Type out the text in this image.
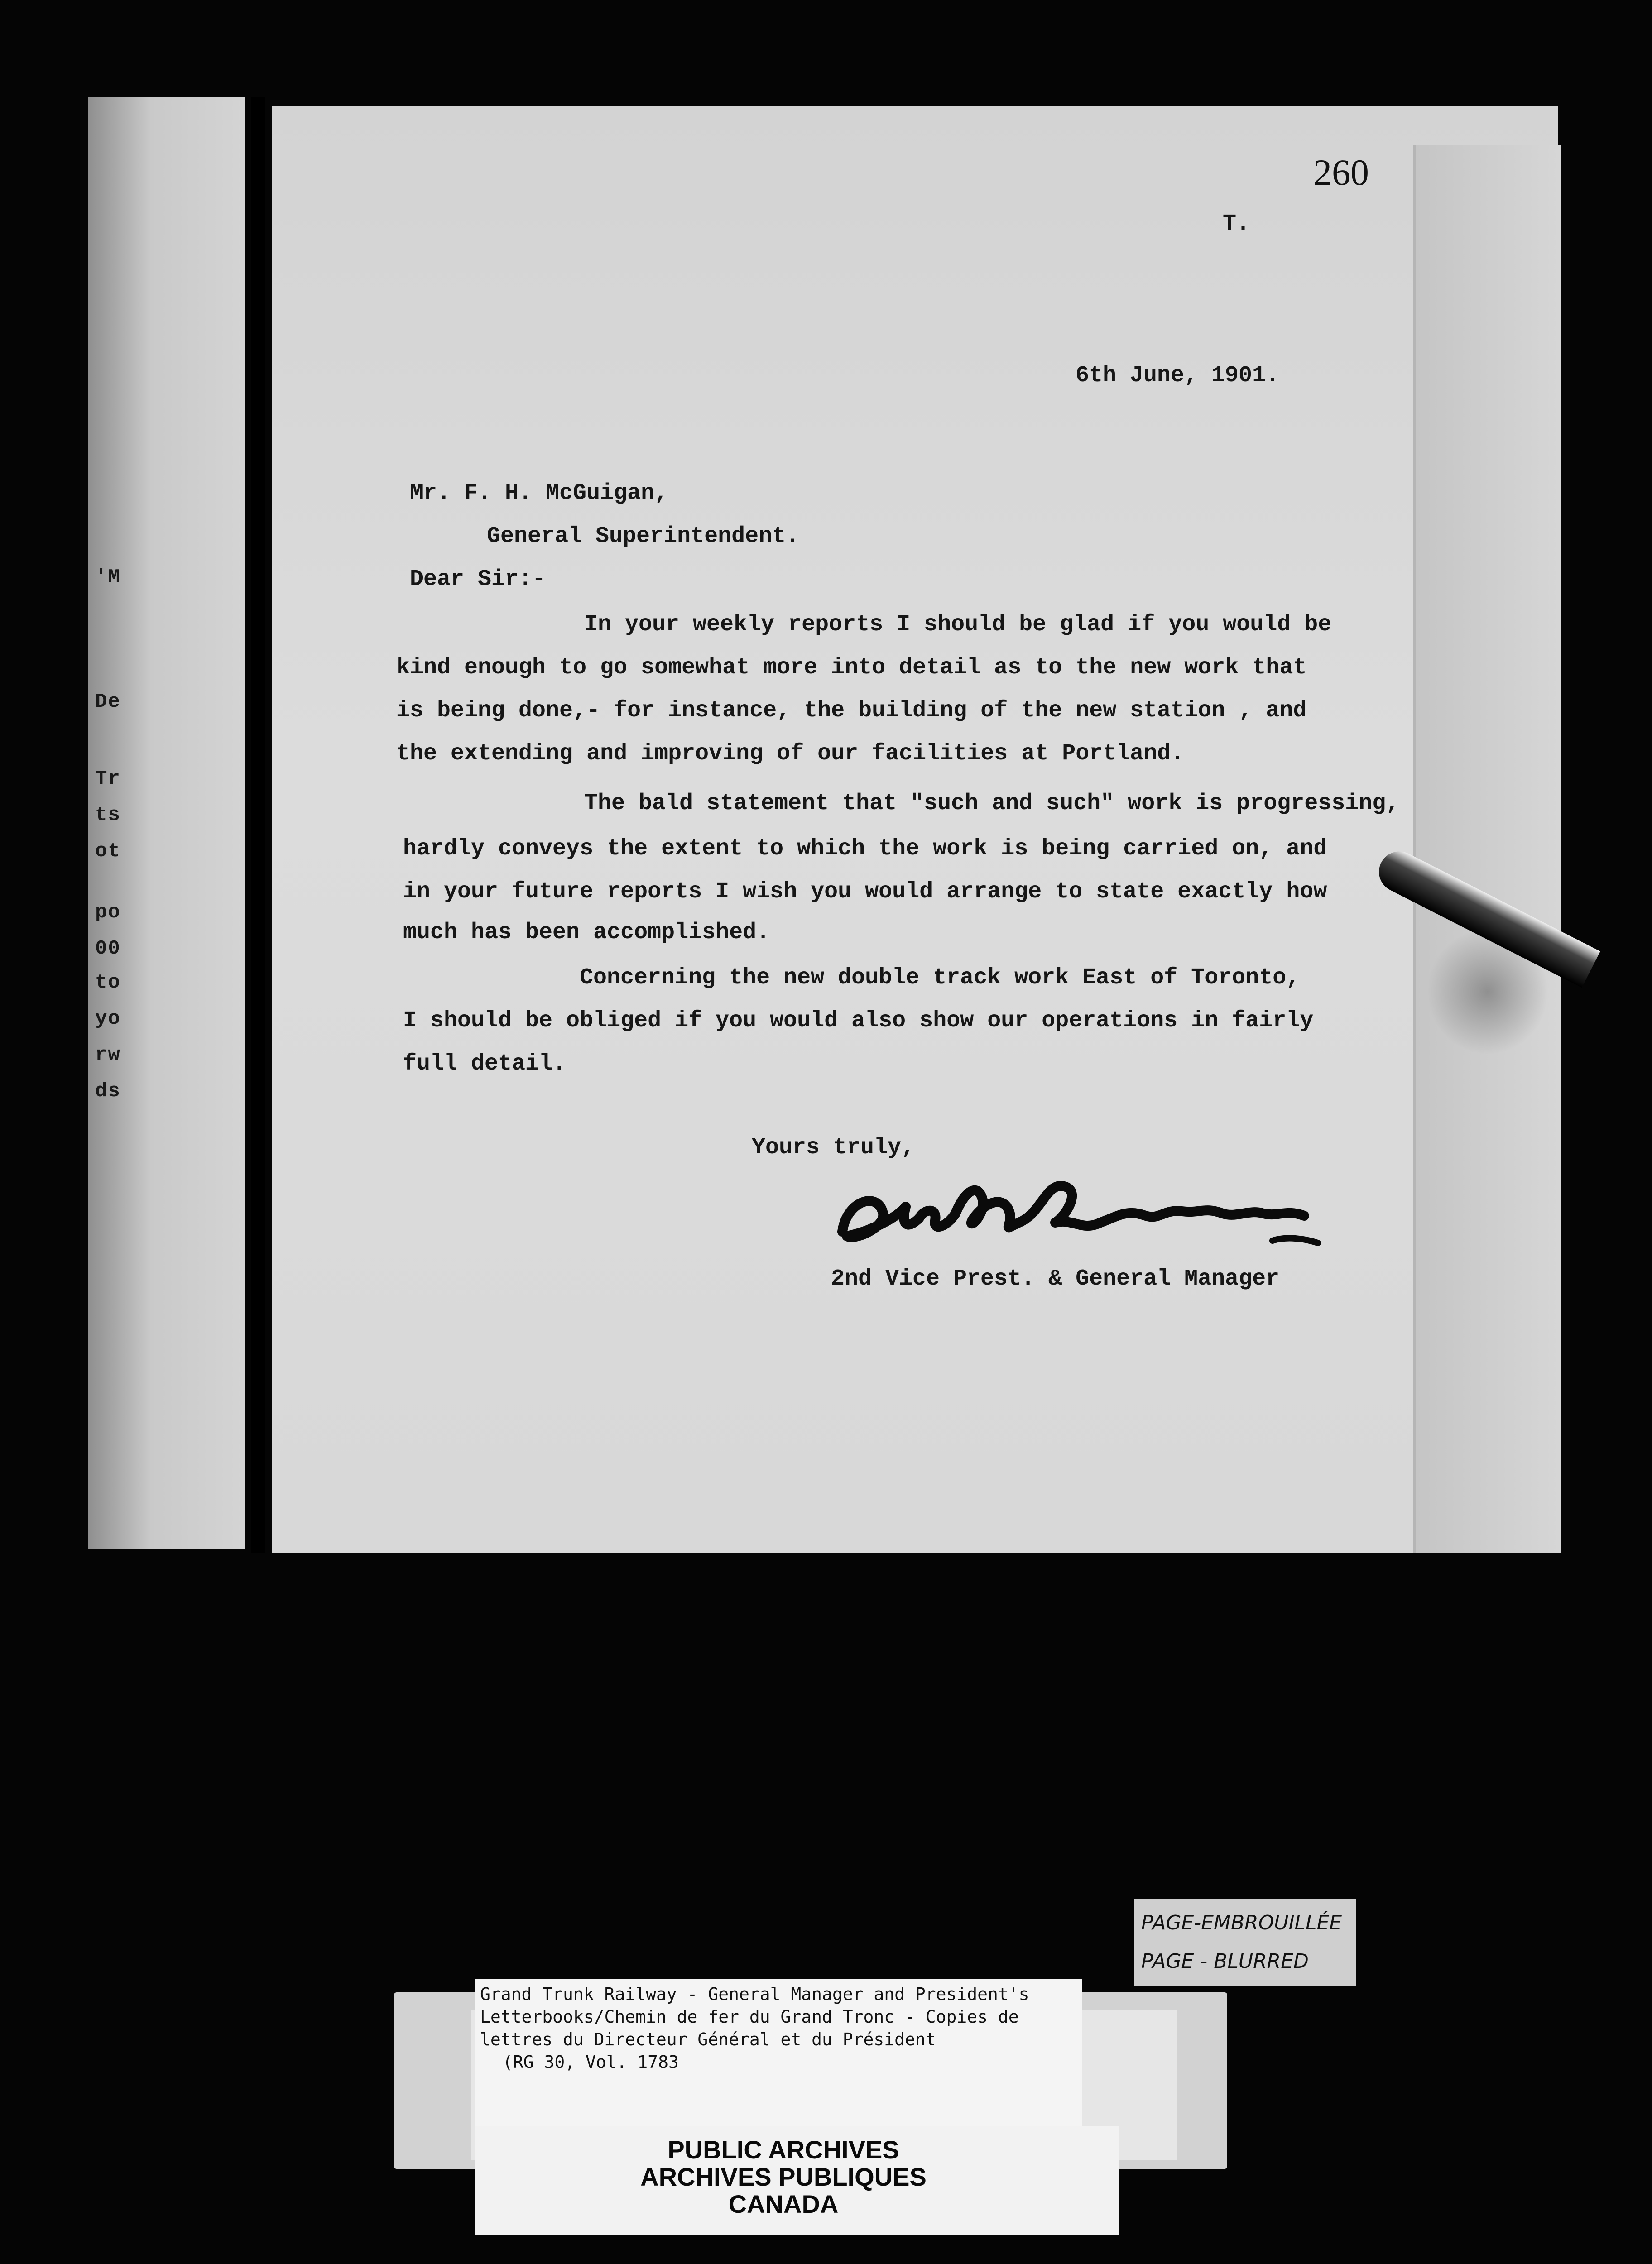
'M
De
Tr
ts
ot
po
00
to
yo
rw
ds
260
T.
6th June, 1901.
Mr. F. H. McGuigan,
General Superintendent.
Dear Sir:-
In your weekly reports I should be glad if you would be
kind enough to go somewhat more into detail as to the new work that
is being done,- for instance, the building of the new station , and
the extending and improving of our facilities at Portland.
The bald statement that "such and such" work is progressing,
hardly conveys the extent to which the work is being carried on, and
in your future reports I wish you would arrange to state exactly how
much has been accomplished.
Concerning the new double track work East of Toronto,
I should be obliged if you would also show our operations in fairly
full detail.
Yours truly,
2nd Vice Prest. & General Manager
Grand Trunk Railway - General Manager and President's
Letterbooks/Chemin de fer du Grand Tronc - Copies de
lettres du Directeur Général et du Président
(RG 30, Vol. 1783
PUBLIC ARCHIVES
ARCHIVES PUBLIQUES
CANADA
PAGE-EMBROUILLÉE
PAGE - BLURRED
